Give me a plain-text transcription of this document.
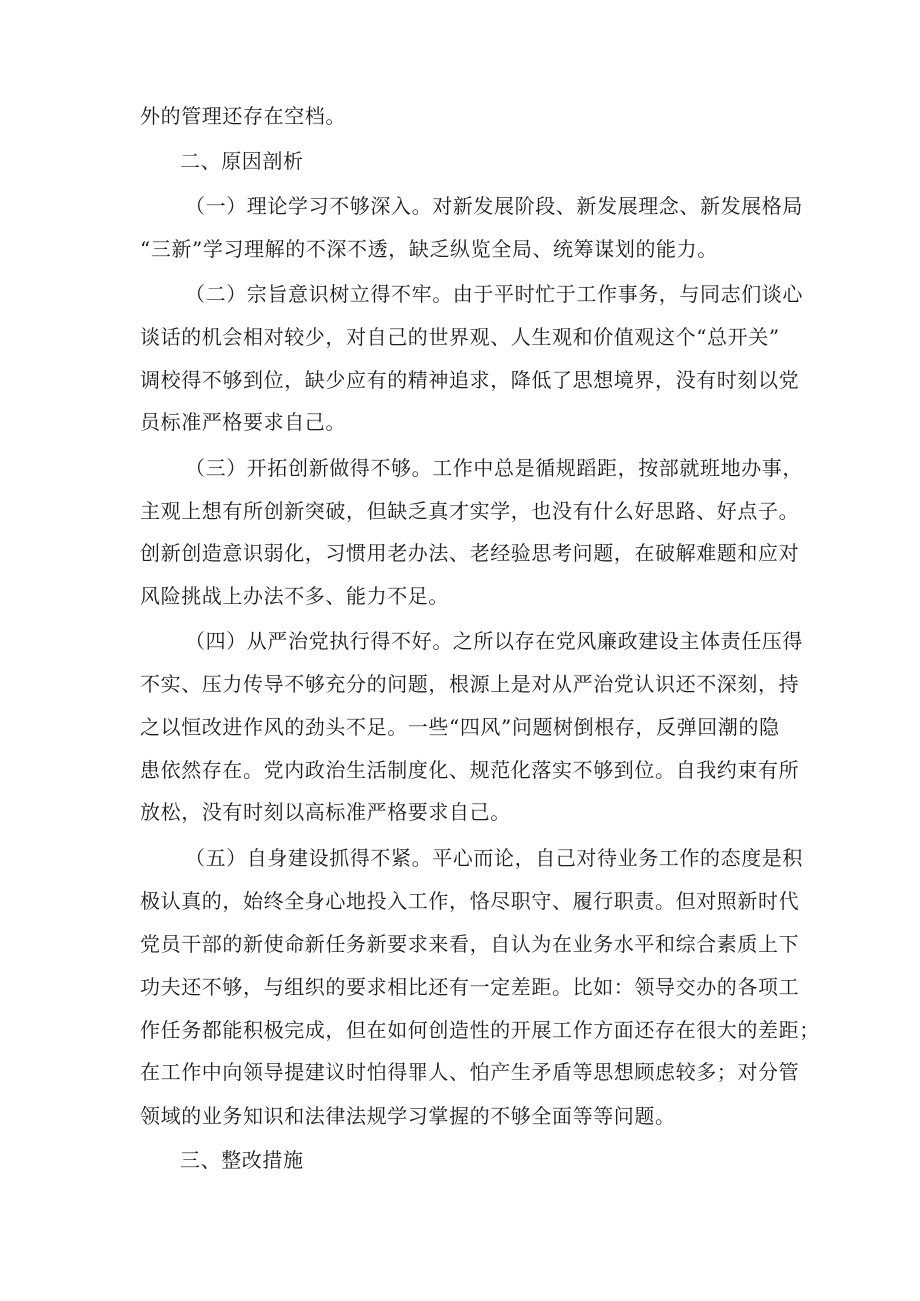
外的管理还存在空档。
二、原因剖析
（一）理论学习不够深入。对新发展阶段、新发展理念、新发展格局
“三新”学习理解的不深不透，缺乏纵览全局、统筹谋划的能力。
（二）宗旨意识树立得不牢。由于平时忙于工作事务，与同志们谈心
谈话的机会相对较少，对自己的世界观、人生观和价值观这个“总开关”
调校得不够到位，缺少应有的精神追求，降低了思想境界，没有时刻以党
员标准严格要求自己。
（三）开拓创新做得不够。工作中总是循规蹈距，按部就班地办事，
主观上想有所创新突破，但缺乏真才实学，也没有什么好思路、好点子。
创新创造意识弱化，习惯用老办法、老经验思考问题，在破解难题和应对
风险挑战上办法不多、能力不足。
（四）从严治党执行得不好。之所以存在党风廉政建设主体责任压得
不实、压力传导不够充分的问题，根源上是对从严治党认识还不深刻，持
之以恒改进作风的劲头不足。一些“四风”问题树倒根存，反弹回潮的隐
患依然存在。党内政治生活制度化、规范化落实不够到位。自我约束有所
放松，没有时刻以高标准严格要求自己。
（五）自身建设抓得不紧。平心而论，自己对待业务工作的态度是积
极认真的，始终全身心地投入工作，恪尽职守、履行职责。但对照新时代
党员干部的新使命新任务新要求来看，自认为在业务水平和综合素质上下
功夫还不够，与组织的要求相比还有一定差距。比如：领导交办的各项工
作任务都能积极完成，但在如何创造性的开展工作方面还存在很大的差距；
在工作中向领导提建议时怕得罪人、怕产生矛盾等思想顾虑较多；对分管
领域的业务知识和法律法规学习掌握的不够全面等等问题。
三、整改措施
